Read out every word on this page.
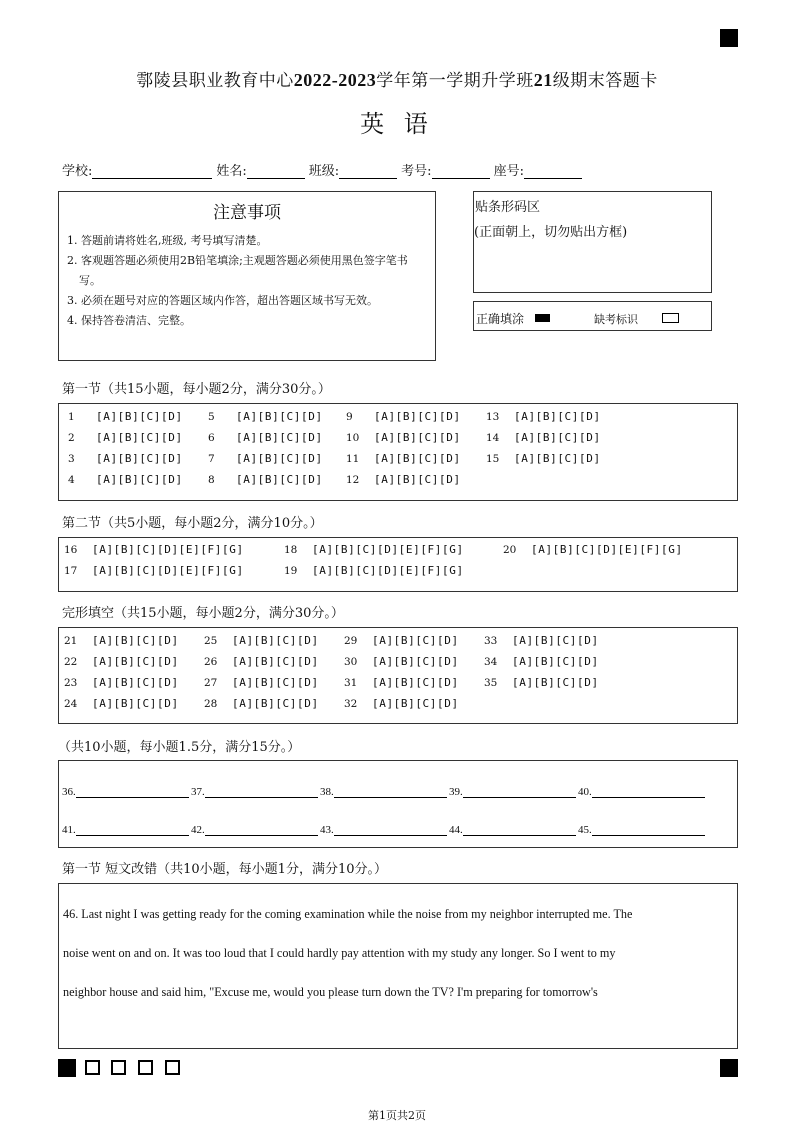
鄠陵县职业教育中心2022-2023学年第一学期升学班21级期末答题卡
英 语
学校:	姓名:	班级:	考号:	座号:
注意事项
1. 答题前请将姓名,班级, 考号填写清楚。
2. 客观题答题必须使用2B铅笔填涂;主观题答题必须使用黑色签字笔书写。
3. 必须在题号对应的答题区域内作答，超出答题区域书写无效。
4. 保持答卷清洁、完整。
贴条形码区
(正面朝上，切勿贴出方框)
正确填涂	缺考标识
第一节（共15小题，每小题2分，满分30分。）
1	[A][B][C][D] 5	[A][B][C][D] 9	[A][B][C][D] 13	[A][B][C][D]
2	[A][B][C][D] 6	[A][B][C][D] 10	[A][B][C][D] 14	[A][B][C][D]
3	[A][B][C][D] 7	[A][B][C][D] 11	[A][B][C][D] 15	[A][B][C][D]
4	[A][B][C][D] 8	[A][B][C][D] 12	[A][B][C][D]
第二节（共5小题，每小题2分，满分10分。）
16	[A][B][C][D][E][F][G]	18	[A][B][C][D][E][F][G]	20	[A][B][C][D][E][F][G]
17	[A][B][C][D][E][F][G]	19	[A][B][C][D][E][F][G]
完形填空（共15小题，每小题2分，满分30分。）
21	[A][B][C][D] 25	[A][B][C][D] 29	[A][B][C][D] 33	[A][B][C][D]
22	[A][B][C][D] 26	[A][B][C][D] 30	[A][B][C][D] 34	[A][B][C][D]
23	[A][B][C][D] 27	[A][B][C][D] 31	[A][B][C][D] 35	[A][B][C][D]
24	[A][B][C][D] 28	[A][B][C][D] 32	[A][B][C][D]
（共10小题，每小题1.5分，满分15分。）
36.	37.	38.	39.	40.
41.	42.	43.	44.	45.
第一节 短文改错（共10小题，每小题1分，满分10分。）
46. Last night I was getting ready for the coming examination while the noise from my neighbor interrupted me. The
noise went on and on. It was too loud that I could hardly pay attention with my study any longer. So I went to my
neighbor house and said him, "Excuse me, would you please turn down the TV? I'm preparing for tomorrow's
第1页共2页
